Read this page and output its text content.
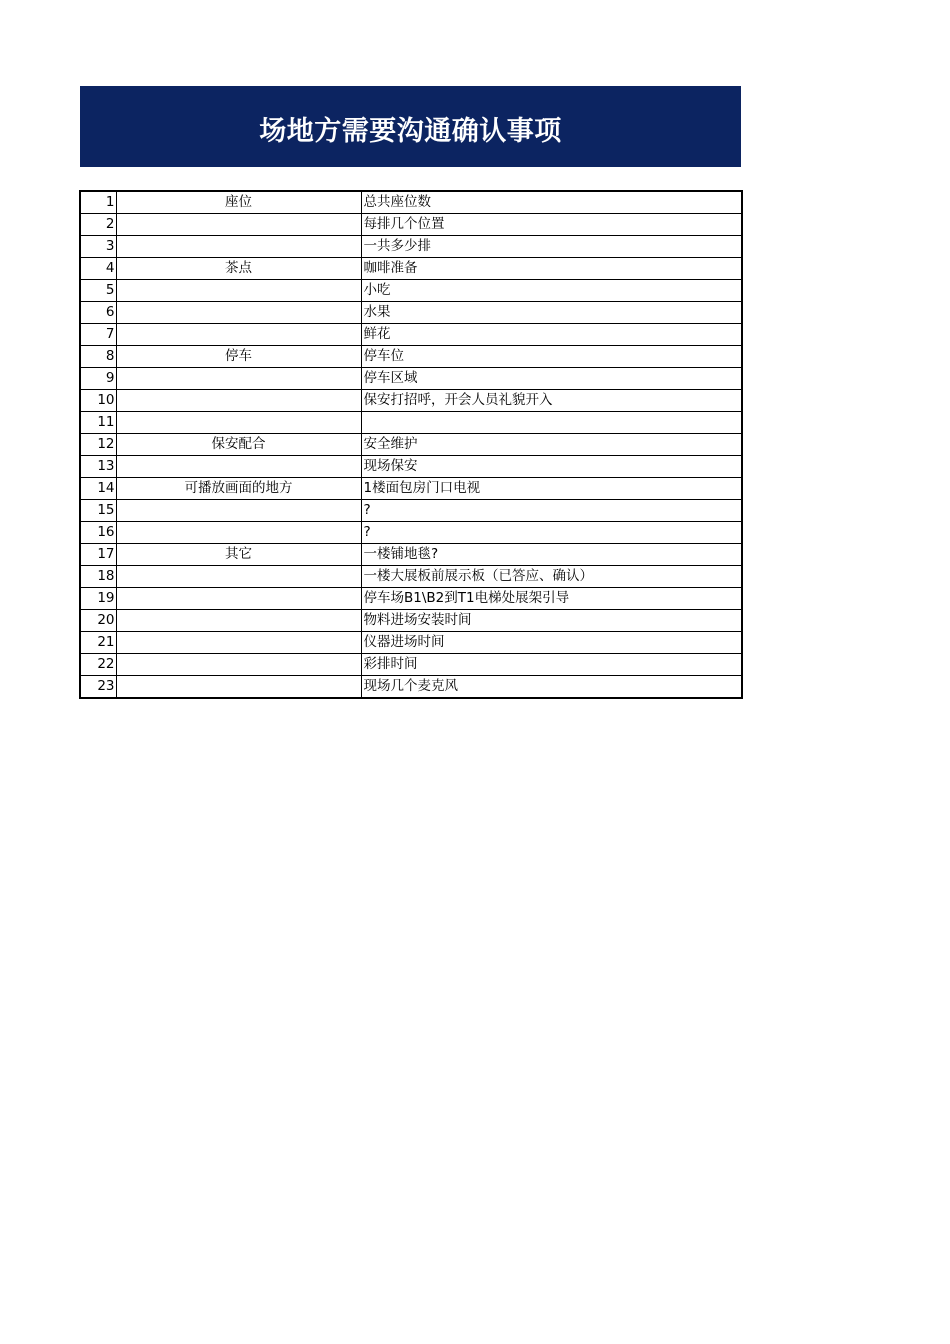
场地方需要沟通确认事项
1	座位	总共座位数
2		每排几个位置
3		一共多少排
4	茶点	咖啡准备
5		小吃
6		水果
7		鲜花
8	停车	停车位
9		停车区域
10		保安打招呼，开会人员礼貌开入
11		
12	保安配合	安全维护
13		现场保安
14	可播放画面的地方	1楼面包房门口电视
15		?
16		?
17	其它	一楼铺地毯?
18		一楼大展板前展示板（已答应、确认）
19		停车场B1\B2到T1电梯处展架引导
20		物料进场安装时间
21		仪器进场时间
22		彩排时间
23		现场几个麦克风
